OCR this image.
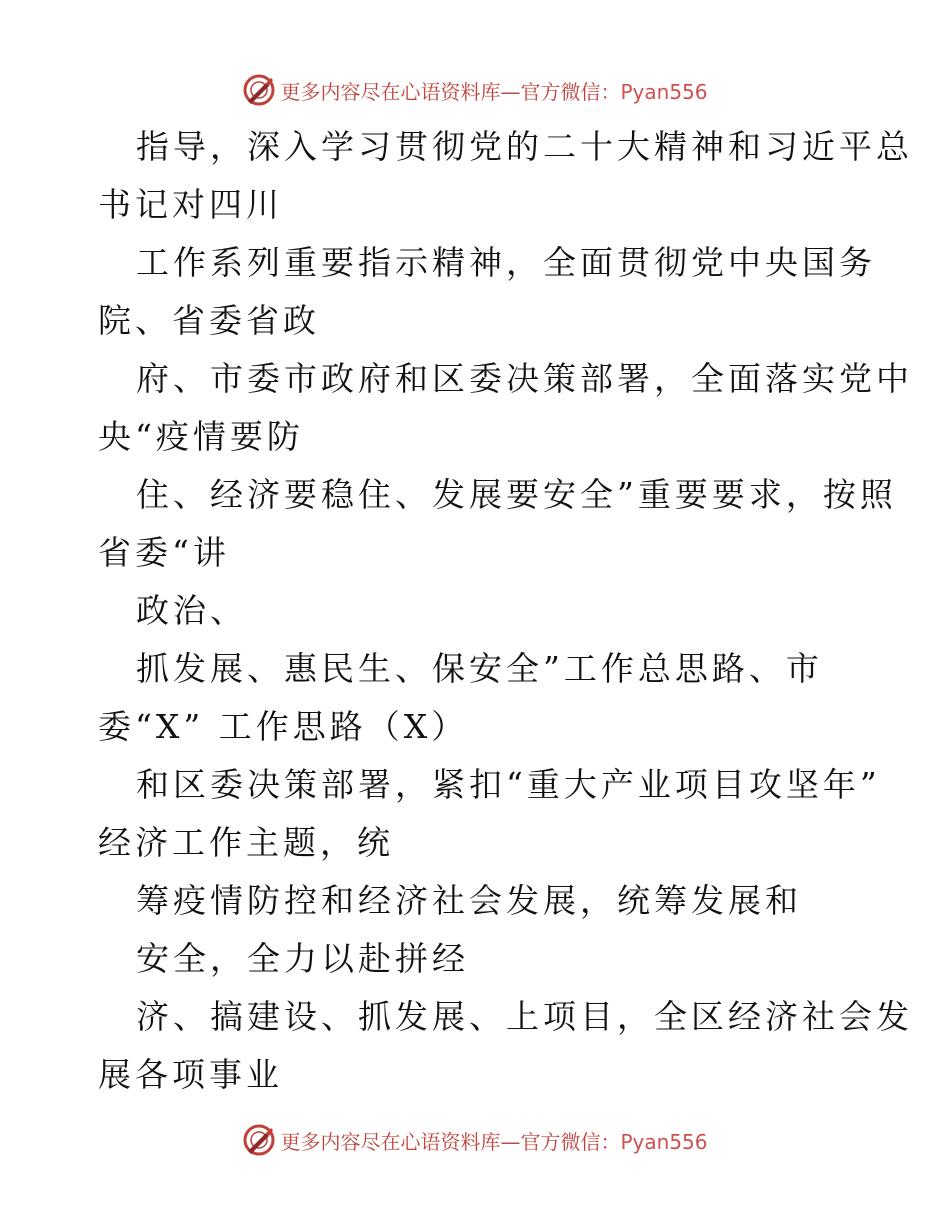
更多内容尽在心语资料库—官方微信：Pyan556
指导，深入学习贯彻党的二十大精神和习近平总
书记对四川
工作系列重要指示精神，全面贯彻党中央国务
院、省委省政
府、市委市政府和区委决策部署，全面落实党中
央“疫情要防
住、经济要稳住、发展要安全”重要要求，按照
省委“讲
政治、
抓发展、惠民生、保安全”工作总思路、市
委“X” 工作思路（X）
和区委决策部署，紧扣“重大产业项目攻坚年”
经济工作主题，统
筹疫情防控和经济社会发展，统筹发展和
安全，全力以赴拼经
济、搞建设、抓发展、上项目，全区经济社会发
展各项事业
更多内容尽在心语资料库—官方微信：Pyan556
